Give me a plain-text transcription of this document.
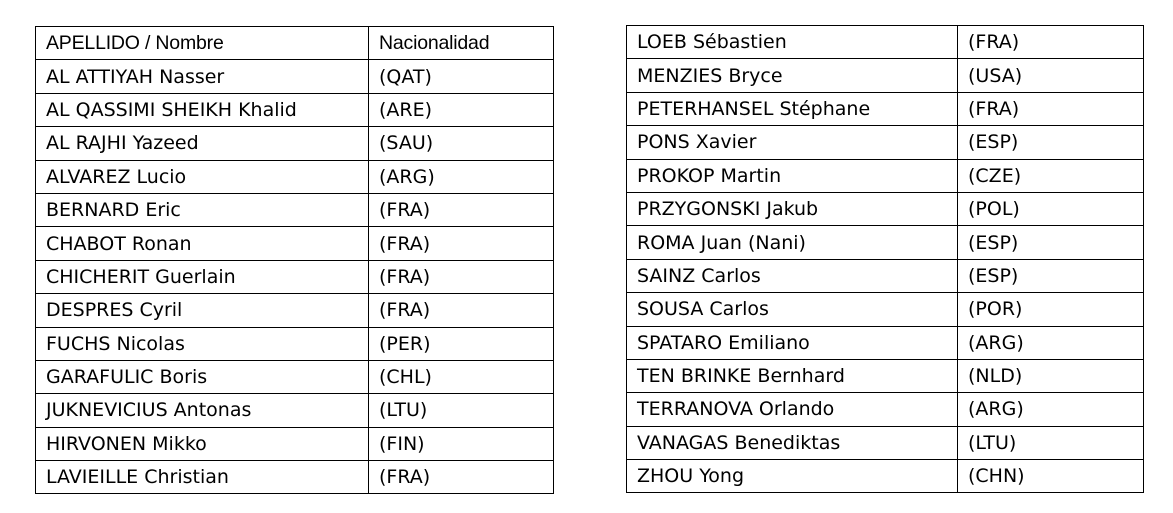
APELLIDO / Nombre	Nacionalidad
AL ATTIYAH Nasser	(QAT)
AL QASSIMI SHEIKH Khalid	(ARE)
AL RAJHI Yazeed	(SAU)
ALVAREZ Lucio	(ARG)
BERNARD Eric	(FRA)
CHABOT Ronan	(FRA)
CHICHERIT Guerlain	(FRA)
DESPRES Cyril	(FRA)
FUCHS Nicolas	(PER)
GARAFULIC Boris	(CHL)
JUKNEVICIUS Antonas	(LTU)
HIRVONEN Mikko	(FIN)
LAVIEILLE Christian	(FRA)
LOEB Sébastien	(FRA)
MENZIES Bryce	(USA)
PETERHANSEL Stéphane	(FRA)
PONS Xavier	(ESP)
PROKOP Martin	(CZE)
PRZYGONSKI Jakub	(POL)
ROMA Juan (Nani)	(ESP)
SAINZ Carlos	(ESP)
SOUSA Carlos	(POR)
SPATARO Emiliano	(ARG)
TEN BRINKE Bernhard	(NLD)
TERRANOVA Orlando	(ARG)
VANAGAS Benediktas	(LTU)
ZHOU Yong	(CHN)
